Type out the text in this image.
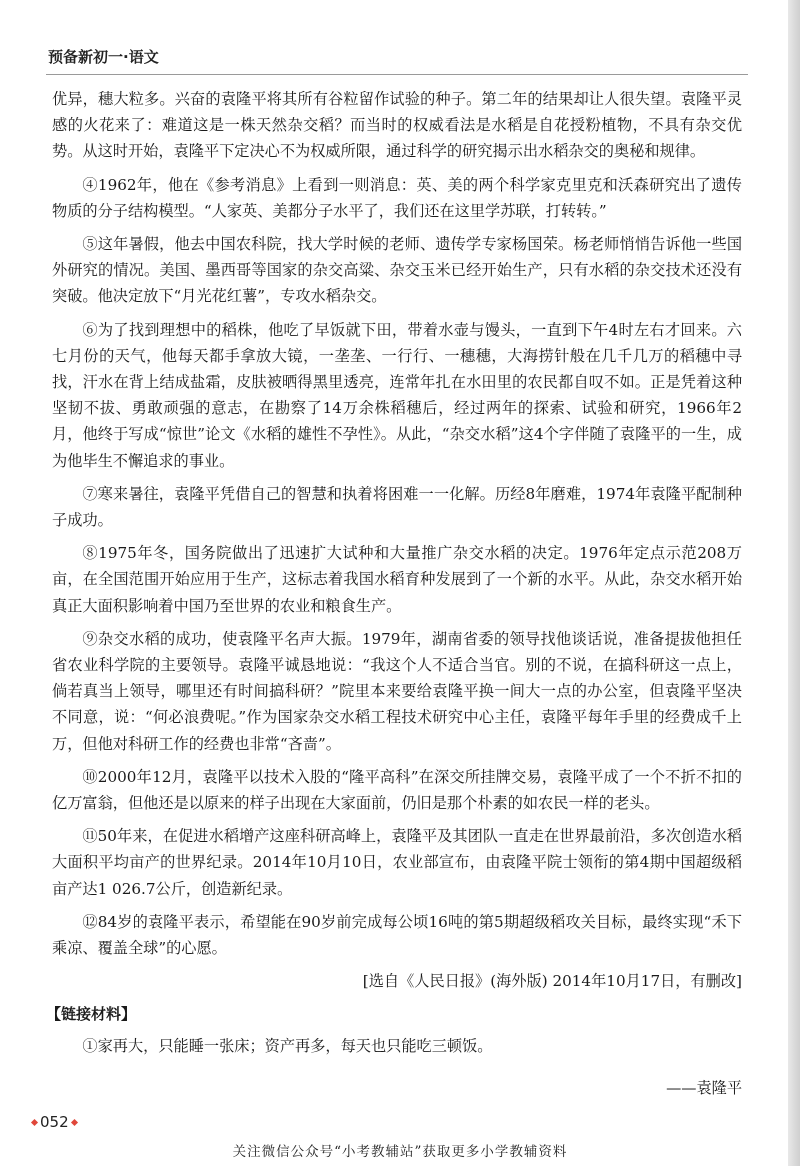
预备新初一·语文

优异，穗大粒多。兴奋的袁隆平将其所有谷粒留作试验的种子。第二年的结果却让人很失望。袁隆平灵感的火花来了：难道这是一株天然杂交稻？而当时的权威看法是水稻是自花授粉植物，不具有杂交优势。从这时开始，袁隆平下定决心不为权威所限，通过科学的研究揭示出水稻杂交的奥秘和规律。

④1962年，他在《参考消息》上看到一则消息：英、美的两个科学家克里克和沃森研究出了遗传物质的分子结构模型。“人家英、美都分子水平了，我们还在这里学苏联，打转转。”

⑤这年暑假，他去中国农科院，找大学时候的老师、遗传学专家杨国荣。杨老师悄悄告诉他一些国外研究的情况。美国、墨西哥等国家的杂交高粱、杂交玉米已经开始生产，只有水稻的杂交技术还没有突破。他决定放下“月光花红薯”，专攻水稻杂交。

⑥为了找到理想中的稻株，他吃了早饭就下田，带着水壶与馒头，一直到下午4时左右才回来。六七月份的天气，他每天都手拿放大镜，一垄垄、一行行、一穗穗，大海捞针般在几千几万的稻穗中寻找，汗水在背上结成盐霜，皮肤被晒得黑里透亮，连常年扎在水田里的农民都自叹不如。正是凭着这种坚韧不拔、勇敢顽强的意志，在勘察了14万余株稻穗后，经过两年的探索、试验和研究，1966年2月，他终于写成“惊世”论文《水稻的雄性不孕性》。从此，“杂交水稻”这4个字伴随了袁隆平的一生，成为他毕生不懈追求的事业。

⑦寒来暑往，袁隆平凭借自己的智慧和执着将困难一一化解。历经8年磨难，1974年袁隆平配制种子成功。

⑧1975年冬，国务院做出了迅速扩大试种和大量推广杂交水稻的决定。1976年定点示范208万亩，在全国范围开始应用于生产，这标志着我国水稻育种发展到了一个新的水平。从此，杂交水稻开始真正大面积影响着中国乃至世界的农业和粮食生产。

⑨杂交水稻的成功，使袁隆平名声大振。1979年，湖南省委的领导找他谈话说，准备提拔他担任省农业科学院的主要领导。袁隆平诚恳地说：“我这个人不适合当官。别的不说，在搞科研这一点上，倘若真当上领导，哪里还有时间搞科研？”院里本来要给袁隆平换一间大一点的办公室，但袁隆平坚决不同意，说：“何必浪费呢。”作为国家杂交水稻工程技术研究中心主任，袁隆平每年手里的经费成千上万，但他对科研工作的经费也非常“吝啬”。

⑩2000年12月，袁隆平以技术入股的“隆平高科”在深交所挂牌交易，袁隆平成了一个不折不扣的亿万富翁，但他还是以原来的样子出现在大家面前，仍旧是那个朴素的如农民一样的老头。

⑪50年来，在促进水稻增产这座科研高峰上，袁隆平及其团队一直走在世界最前沿，多次创造水稻大面积平均亩产的世界纪录。2014年10月10日，农业部宣布，由袁隆平院士领衔的第4期中国超级稻亩产达1 026.7公斤，创造新纪录。

⑫84岁的袁隆平表示，希望能在90岁前完成每公顷16吨的第5期超级稻攻关目标，最终实现“禾下乘凉、覆盖全球”的心愿。

[选自《人民日报》(海外版) 2014年10月17日，有删改]
【链接材料】

①家再大，只能睡一张床；资产再多，每天也只能吃三顿饭。

——袁隆平
052
关注微信公众号“小考教辅站”获取更多小学教辅资料
